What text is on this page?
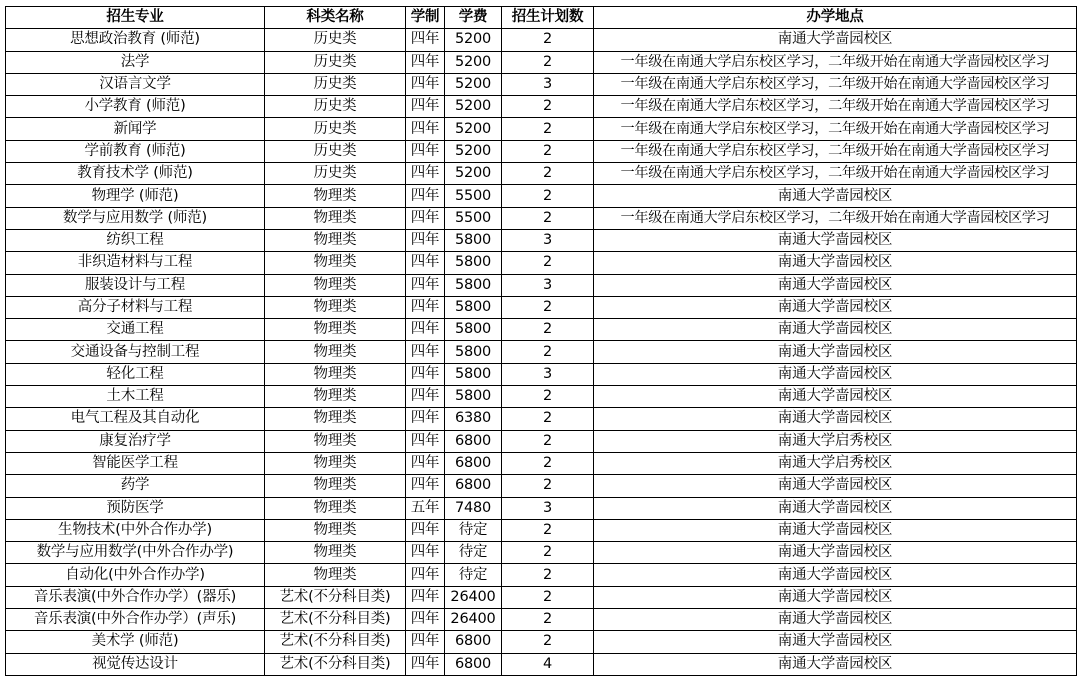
招生专业	科类名称	学制	学费	招生计划数	办学地点
思想政治教育 (师范)	历史类	四年	5200	2	南通大学啬园校区
法学	历史类	四年	5200	2	一年级在南通大学启东校区学习，二年级开始在南通大学啬园校区学习
汉语言文学	历史类	四年	5200	3	一年级在南通大学启东校区学习，二年级开始在南通大学啬园校区学习
小学教育 (师范)	历史类	四年	5200	2	一年级在南通大学启东校区学习，二年级开始在南通大学啬园校区学习
新闻学	历史类	四年	5200	2	一年级在南通大学启东校区学习，二年级开始在南通大学啬园校区学习
学前教育 (师范)	历史类	四年	5200	2	一年级在南通大学启东校区学习，二年级开始在南通大学啬园校区学习
教育技术学 (师范)	历史类	四年	5200	2	一年级在南通大学启东校区学习，二年级开始在南通大学啬园校区学习
物理学 (师范)	物理类	四年	5500	2	南通大学啬园校区
数学与应用数学 (师范)	物理类	四年	5500	2	一年级在南通大学启东校区学习，二年级开始在南通大学啬园校区学习
纺织工程	物理类	四年	5800	3	南通大学啬园校区
非织造材料与工程	物理类	四年	5800	2	南通大学啬园校区
服装设计与工程	物理类	四年	5800	3	南通大学啬园校区
高分子材料与工程	物理类	四年	5800	2	南通大学啬园校区
交通工程	物理类	四年	5800	2	南通大学啬园校区
交通设备与控制工程	物理类	四年	5800	2	南通大学啬园校区
轻化工程	物理类	四年	5800	3	南通大学啬园校区
土木工程	物理类	四年	5800	2	南通大学啬园校区
电气工程及其自动化	物理类	四年	6380	2	南通大学啬园校区
康复治疗学	物理类	四年	6800	2	南通大学启秀校区
智能医学工程	物理类	四年	6800	2	南通大学启秀校区
药学	物理类	四年	6800	2	南通大学啬园校区
预防医学	物理类	五年	7480	3	南通大学啬园校区
生物技术(中外合作办学)	物理类	四年	待定	2	南通大学啬园校区
数学与应用数学(中外合作办学)	物理类	四年	待定	2	南通大学啬园校区
自动化(中外合作办学)	物理类	四年	待定	2	南通大学啬园校区
音乐表演(中外合作办学）(器乐)	艺术(不分科目类)	四年	26400	2	南通大学啬园校区
音乐表演(中外合作办学）(声乐)	艺术(不分科目类)	四年	26400	2	南通大学啬园校区
美术学 (师范)	艺术(不分科目类)	四年	6800	2	南通大学啬园校区
视觉传达设计	艺术(不分科目类)	四年	6800	4	南通大学啬园校区
